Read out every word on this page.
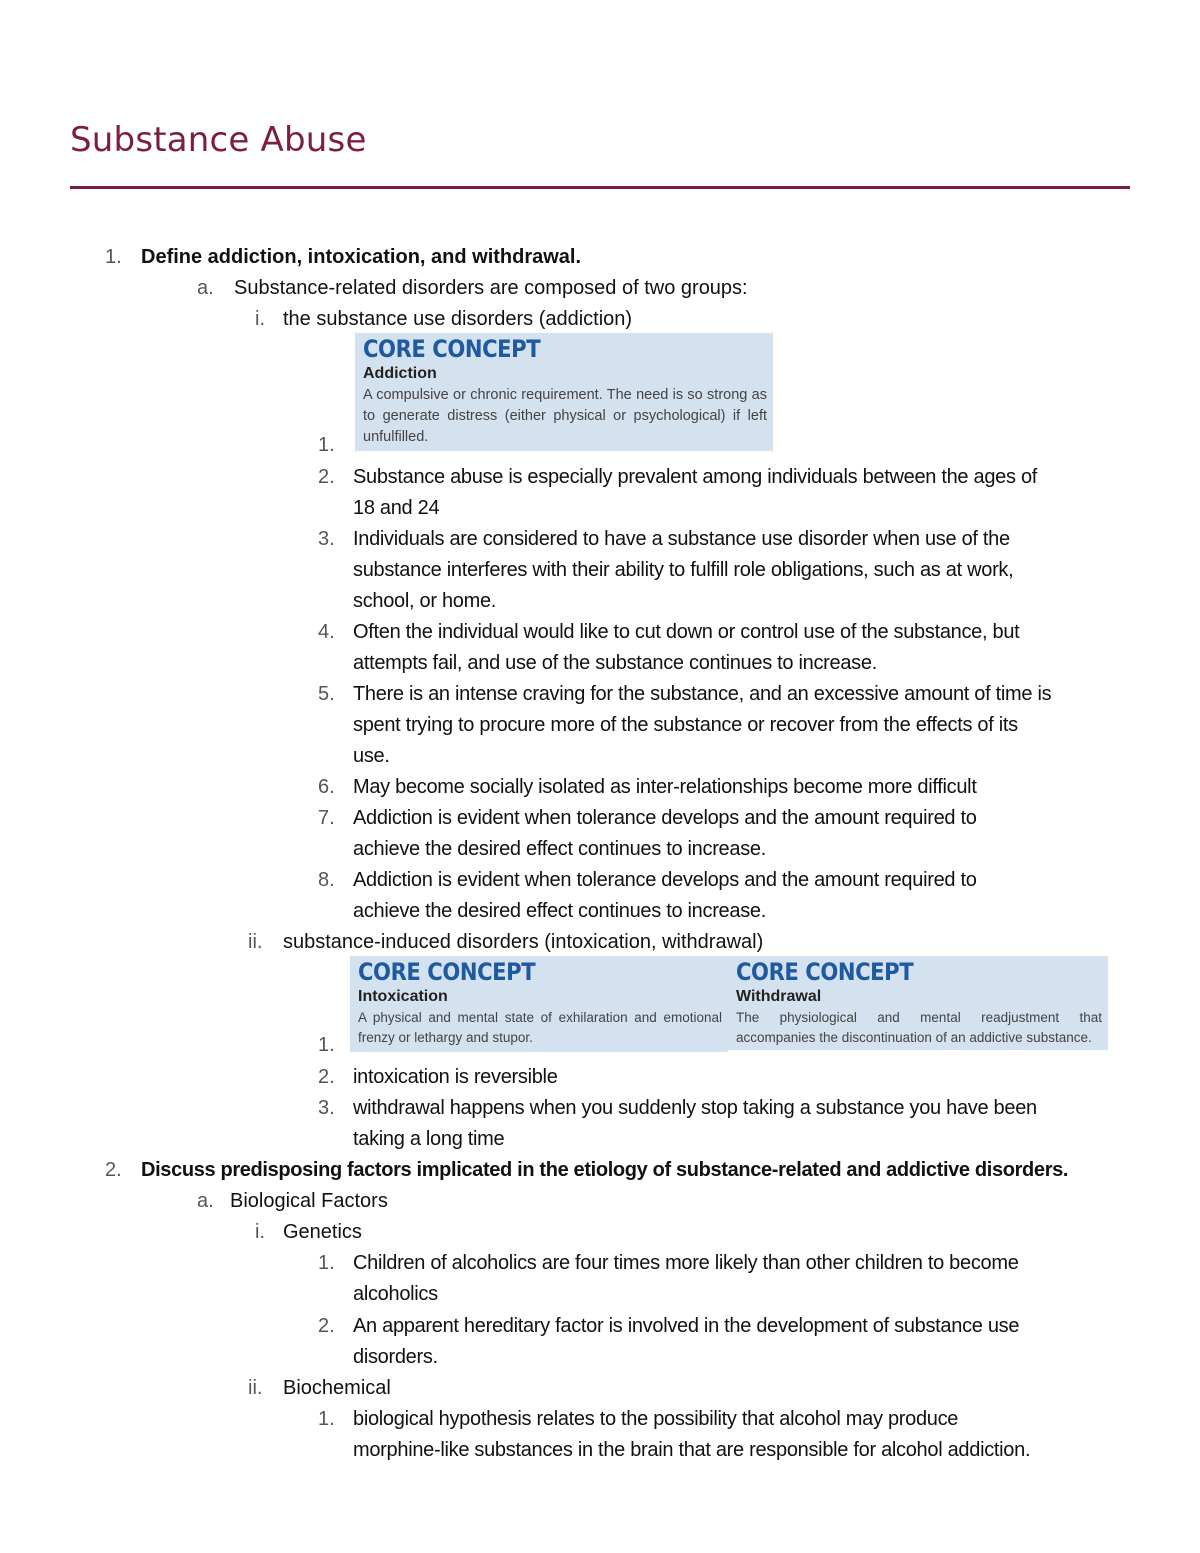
Substance Abuse
1. Define addiction, intoxication, and withdrawal.
a. Substance-related disorders are composed of two groups:
i. the substance use disorders (addiction)
CORE CONCEPT
Addiction
A compulsive or chronic requirement. The need is so strong as to generate distress (either physical or psychological) if left unfulfilled.
1.
2. Substance abuse is especially prevalent among individuals between the ages of
18 and 24
3. Individuals are considered to have a substance use disorder when use of the
substance interferes with their ability to fulfill role obligations, such as at work,
school, or home.
4. Often the individual would like to cut down or control use of the substance, but
attempts fail, and use of the substance continues to increase.
5. There is an intense craving for the substance, and an excessive amount of time is
spent trying to procure more of the substance or recover from the effects of its
use.
6. May become socially isolated as inter-relationships become more difficult
7. Addiction is evident when tolerance develops and the amount required to
achieve the desired effect continues to increase.
8. Addiction is evident when tolerance develops and the amount required to
achieve the desired effect continues to increase.
ii. substance-induced disorders (intoxication, withdrawal)
CORE CONCEPT
Intoxication
A physical and mental state of exhilaration and emotional frenzy or lethargy and stupor.
CORE CONCEPT
Withdrawal
The physiological and mental readjustment that accompanies the discontinuation of an addictive substance.
1.
2. intoxication is reversible
3. withdrawal happens when you suddenly stop taking a substance you have been
taking a long time
2. Discuss predisposing factors implicated in the etiology of substance-related and addictive disorders.
a. Biological Factors
i. Genetics
1. Children of alcoholics are four times more likely than other children to become
alcoholics
2. An apparent hereditary factor is involved in the development of substance use
disorders.
ii. Biochemical
1. biological hypothesis relates to the possibility that alcohol may produce
morphine-like substances in the brain that are responsible for alcohol addiction.
